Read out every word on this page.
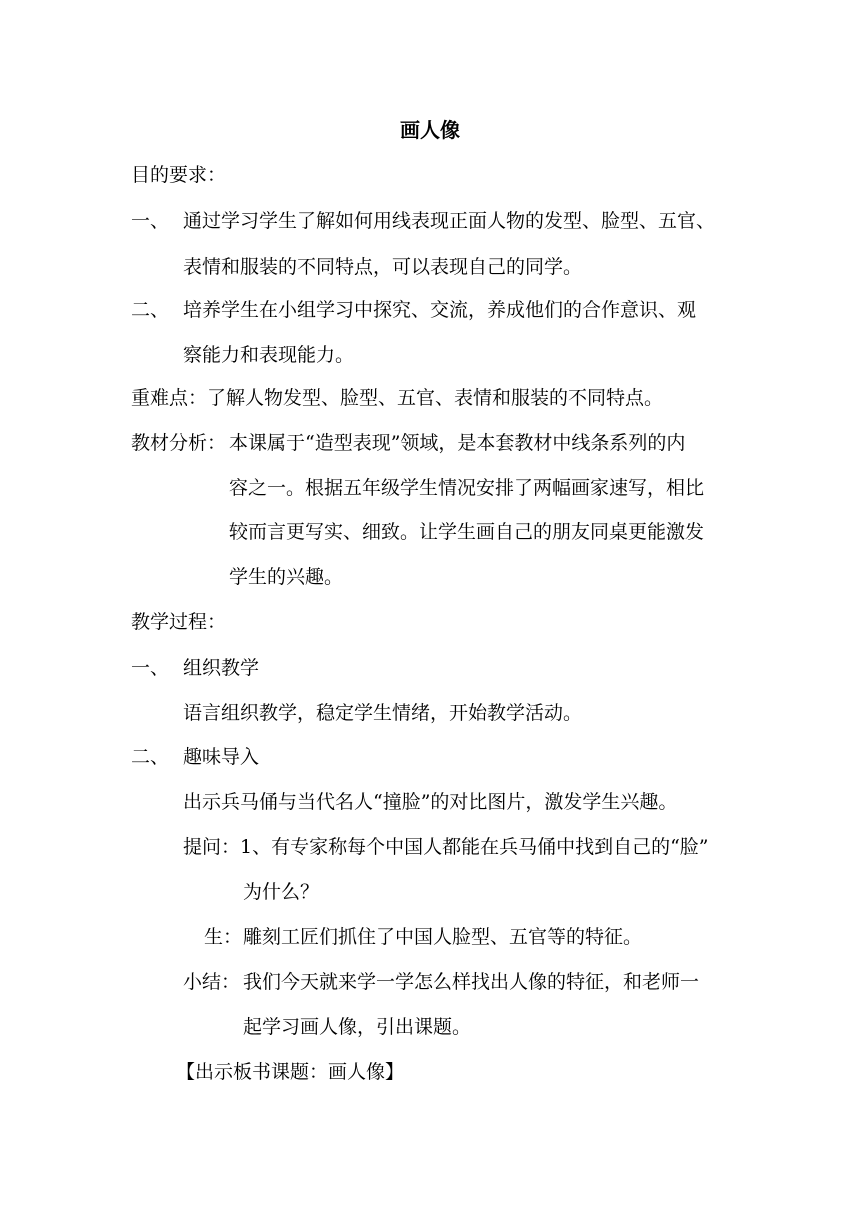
画人像
目的要求：
一、 通过学习学生了解如何用线表现正面人物的发型、脸型、五官、
表情和服装的不同特点，可以表现自己的同学。
二、 培养学生在小组学习中探究、交流，养成他们的合作意识、观
察能力和表现能力。
重难点：了解人物发型、脸型、五官、表情和服装的不同特点。
教材分析： 本课属于“造型表现”领域，是本套教材中线条系列的内
容之一。根据五年级学生情况安排了两幅画家速写，相比
较而言更写实、细致。让学生画自己的朋友同桌更能激发
学生的兴趣。
教学过程：
一、 组织教学
语言组织教学，稳定学生情绪，开始教学活动。
二、 趣味导入
出示兵马俑与当代名人“撞脸”的对比图片，激发学生兴趣。
提问： 1、有专家称每个中国人都能在兵马俑中找到自己的“脸”
为什么？
生： 雕刻工匠们抓住了中国人脸型、五官等的特征。
小结： 我们今天就来学一学怎么样找出人像的特征，和老师一
起学习画人像，引出课题。
【出示板书课题：画人像】
